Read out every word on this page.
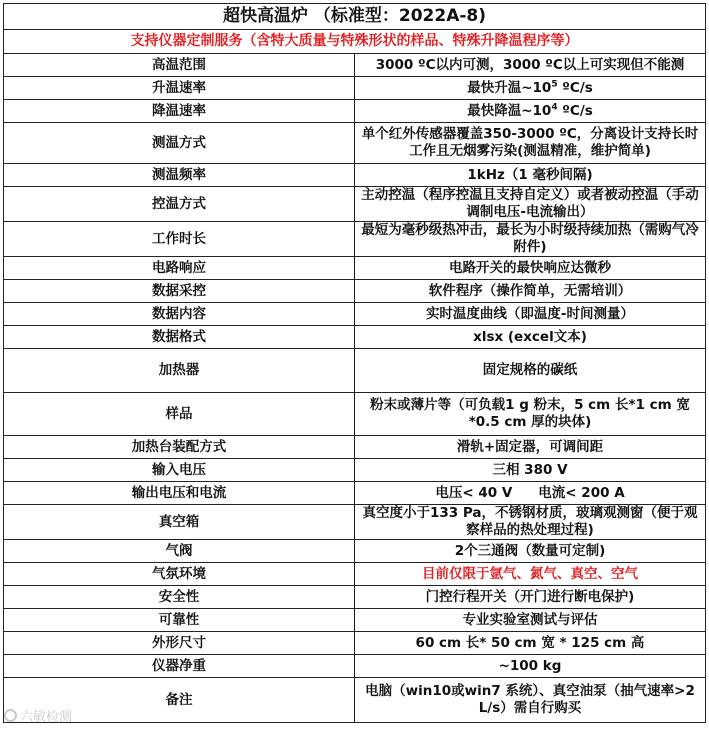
超快高温炉 （标准型：2022A-8)	
支持仪器定制服务（含特大质量与特殊形状的样品、特殊升降温程序等）	
高温范围	3000 ºC以内可测，3000 ºC以上可实现但不能测
升温速率	最快升温$\sim 10^5$ ºC/s
降温速率	最快降温$\sim 10^4$ ºC/s
测温方式	单个红外传感器覆盖350-3000 ºC，分离设计支持长时工作且无烟雾污染(测温精准，维护简单)
测温频率	1kHz（1 毫秒间隔)
控温方式	主动控温（程序控温且支持自定义）或者被动控温（手动调制电压-电流输出）
工作时长	最短为毫秒级热冲击，最长为小时级持续加热（需购气冷附件)
电路响应	电路开关的最快响应达微秒
数据采控	软件程序（操作简单，无需培训）
数据内容	实时温度曲线（即温度-时间测量）
数据格式	xlsx (excel文本)
加热器	固定规格的碳纸
样品	粉末或薄片等（可负载1 g 粉末，5 cm 长*1 cm 宽*0.5 cm 厚的块体)
加热台装配方式	滑轨+固定器，可调间距
输入电压	三相 380 V
输出电压和电流	电压< 40 V 电流< 200 A
真空箱	真空度小于133 Pa，不锈钢材质，玻璃观测窗（便于观察样品的热处理过程)
气阀	2个三通阀（数量可定制)
气氛环境	目前仅限于氩气、氮气、真空、空气
安全性	门控行程开关（开门进行断电保护)
可靠性	专业实验室测试与评估
外形尺寸	60 cm 长* 50 cm 宽 * 125 cm 高
仪器净重	~100 kg
备注	电脑（win10或win7 系统）、真空油泵（抽气速率>2 L/s）需自行购买
六敏检测
